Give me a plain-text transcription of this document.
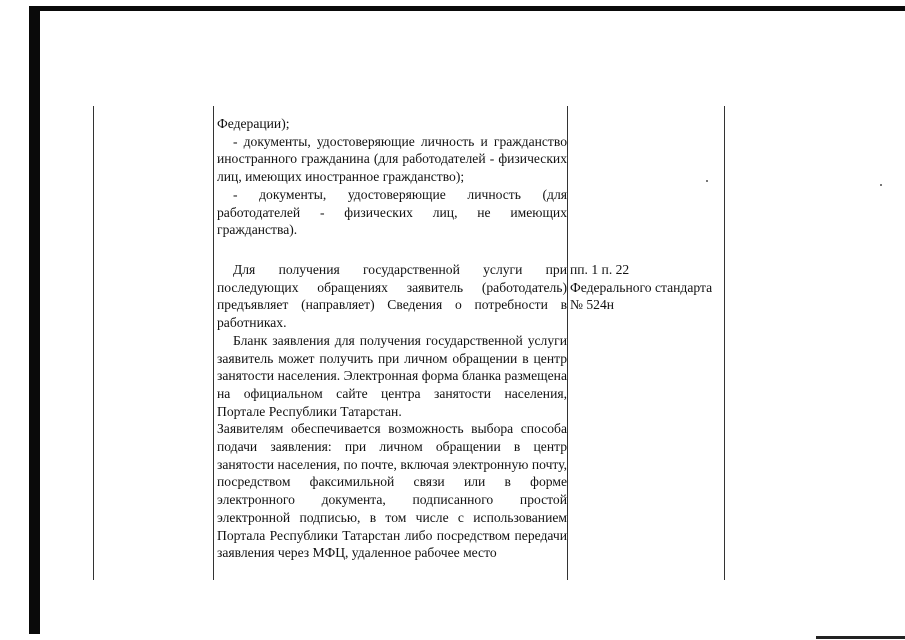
Федерации);

- документы, удостоверяющие личность и гражданство иностранного гражданина (для работодателей - физических лиц, имеющих иностранное гражданство);

- документы, удостоверяющие личность (для работодателей - физических лиц, не имеющих гражданства).

Для получения государственной услуги при последующих обращениях заявитель (работодатель) предъявляет (направляет) Сведения о потребности в работниках.

Бланк заявления для получения государственной услуги заявитель может получить при личном обращении в центр занятости населения. Электронная форма бланка размещена на официальном сайте центра занятости населения, Портале Республики Татарстан.

Заявителям обеспечивается возможность выбора способа подачи заявления: при личном обращении в центр занятости населения, по почте, включая электронную почту, посредством факсимильной связи или в форме электронного документа, подписанного простой электронной подписью, в том числе с использованием Портала Республики Татарстан либо посредством передачи заявления через МФЦ, удаленное рабочее место

пп. 1 п. 22
Федерального стандарта
№ 524н
